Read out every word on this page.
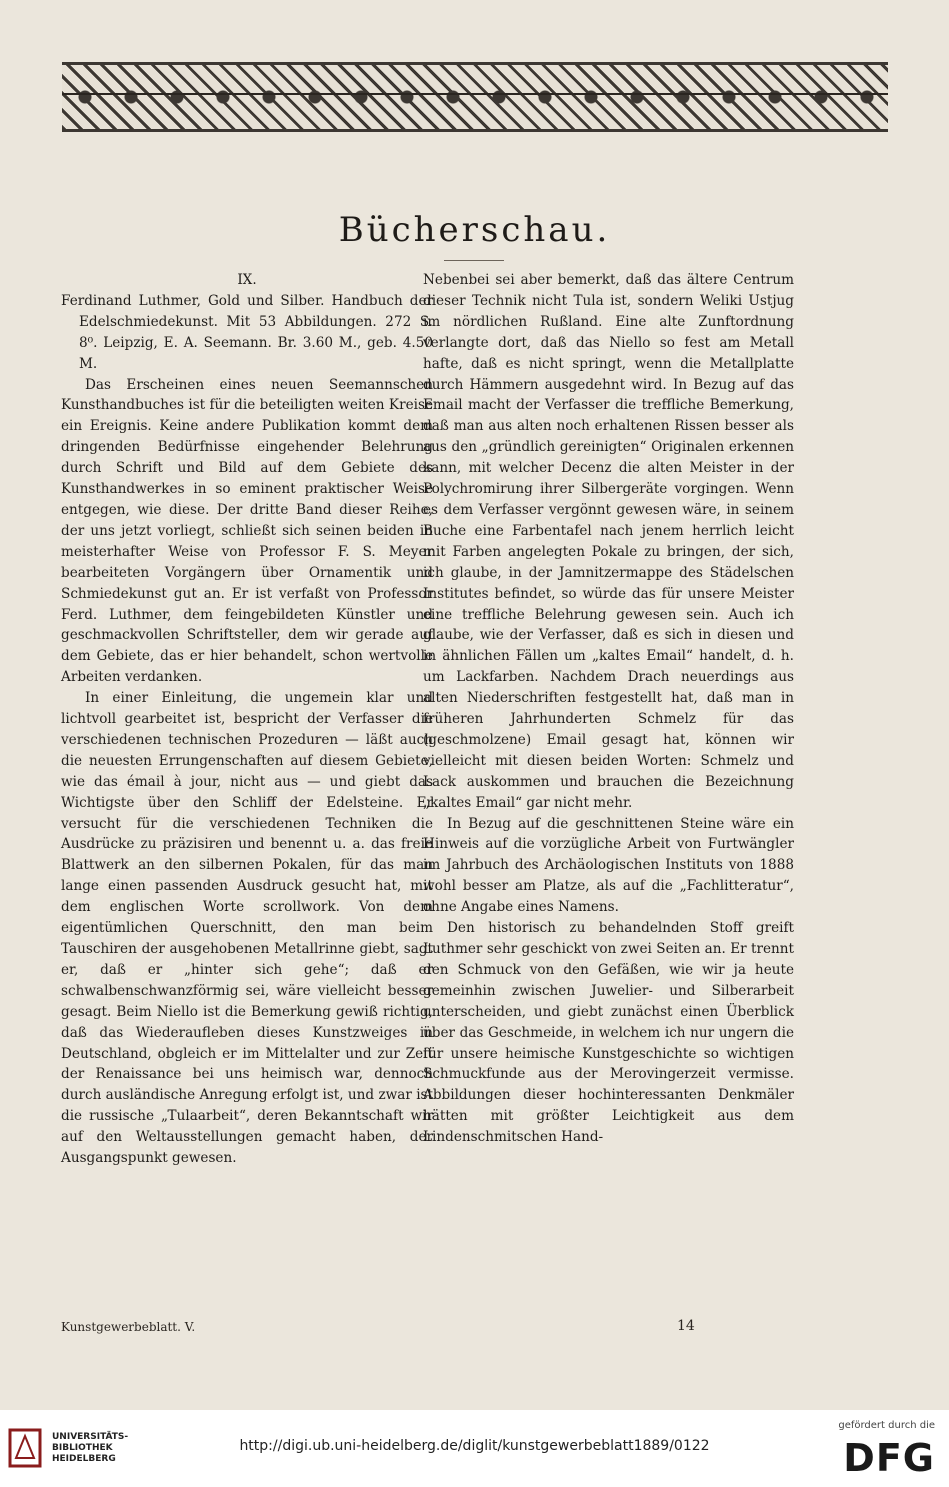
Bücherschau.

IX.

Ferdinand Luthmer, Gold und Silber. Handbuch der Edelschmiedekunst. Mit 53 Abbildungen. 272 S. 8⁰. Leipzig, E. A. Seemann. Br. 3.60 M., geb. 4.50 M.

Das Erscheinen eines neuen Seemannschen Kunsthandbuches ist für die beteiligten weiten Kreise ein Ereignis. Keine andere Publikation kommt dem dringenden Bedürfnisse eingehender Belehrung durch Schrift und Bild auf dem Gebiete des Kunsthandwerkes in so eminent praktischer Weise entgegen, wie diese. Der dritte Band dieser Reihe, der uns jetzt vorliegt, schließt sich seinen beiden in meisterhafter Weise von Professor F. S. Meyer bearbeiteten Vorgängern über Ornamentik und Schmiedekunst gut an. Er ist verfaßt von Professor Ferd. Luthmer, dem feingebildeten Künstler und geschmackvollen Schriftsteller, dem wir gerade auf dem Gebiete, das er hier behandelt, schon wertvolle Arbeiten verdanken.

In einer Einleitung, die ungemein klar und lichtvoll gearbeitet ist, bespricht der Verfasser die verschiedenen technischen Prozeduren — läßt auch die neuesten Errungenschaften auf diesem Gebiete, wie das émail à jour, nicht aus — und giebt das Wichtigste über den Schliff der Edelsteine. Er versucht für die verschiedenen Techniken die Ausdrücke zu präzisiren und benennt u. a. das freie Blattwerk an den silbernen Pokalen, für das man lange einen passenden Ausdruck gesucht hat, mit dem englischen Worte scrollwork. Von dem eigentümlichen Querschnitt, den man beim Tauschiren der ausgehobenen Metallrinne giebt, sagt er, daß er „hinter sich gehe“; daß er schwalbenschwanzförmig sei, wäre vielleicht besser gesagt. Beim Niello ist die Bemerkung gewiß richtig, daß das Wiederaufleben dieses Kunstzweiges in Deutschland, obgleich er im Mittelalter und zur Zeit der Renaissance bei uns heimisch war, dennoch durch ausländische Anregung erfolgt ist, und zwar ist die russische „Tulaarbeit“, deren Bekanntschaft wir auf den Weltausstellungen gemacht haben, der Ausgangspunkt gewesen.

Nebenbei sei aber bemerkt, daß das ältere Centrum dieser Technik nicht Tula ist, sondern Weliki Ustjug im nördlichen Rußland. Eine alte Zunftordnung verlangte dort, daß das Niello so fest am Metall hafte, daß es nicht springt, wenn die Metallplatte durch Hämmern ausgedehnt wird. In Bezug auf das Email macht der Verfasser die treffliche Bemerkung, daß man aus alten noch erhaltenen Rissen besser als aus den „gründlich gereinigten“ Originalen erkennen kann, mit welcher Decenz die alten Meister in der Polychromirung ihrer Silbergeräte vorgingen. Wenn es dem Verfasser vergönnt gewesen wäre, in seinem Buche eine Farbentafel nach jenem herrlich leicht mit Farben angelegten Pokale zu bringen, der sich, ich glaube, in der Jamnitzermappe des Städelschen Institutes befindet, so würde das für unsere Meister eine treffliche Belehrung gewesen sein. Auch ich glaube, wie der Verfasser, daß es sich in diesen und in ähnlichen Fällen um „kaltes Email“ handelt, d. h. um Lackfarben. Nachdem Drach neuerdings aus alten Niederschriften festgestellt hat, daß man in früheren Jahrhunderten Schmelz für das (geschmolzene) Email gesagt hat, können wir vielleicht mit diesen beiden Worten: Schmelz und Lack auskommen und brauchen die Bezeichnung „kaltes Email“ gar nicht mehr.

In Bezug auf die geschnittenen Steine wäre ein Hinweis auf die vorzügliche Arbeit von Furtwängler im Jahrbuch des Archäologischen Instituts von 1888 wohl besser am Platze, als auf die „Fachlitteratur“, ohne Angabe eines Namens.

Den historisch zu behandelnden Stoff greift Luthmer sehr geschickt von zwei Seiten an. Er trennt den Schmuck von den Gefäßen, wie wir ja heute gemeinhin zwischen Juwelier- und Silberarbeit unterscheiden, und giebt zunächst einen Überblick über das Geschmeide, in welchem ich nur ungern die für unsere heimische Kunstgeschichte so wichtigen Schmuckfunde aus der Merovingerzeit vermisse. Abbildungen dieser hochinteressanten Denkmäler hätten mit größter Leichtigkeit aus dem Lindenschmitschen Hand-

Kunstgewerbeblatt. V.	14
UNIVERSITÄTS-
BIBLIOTHEK
HEIDELBERG
http://digi.ub.uni-heidelberg.de/diglit/kunstgewerbeblatt1889/0122
gefördert durch die
DFG
